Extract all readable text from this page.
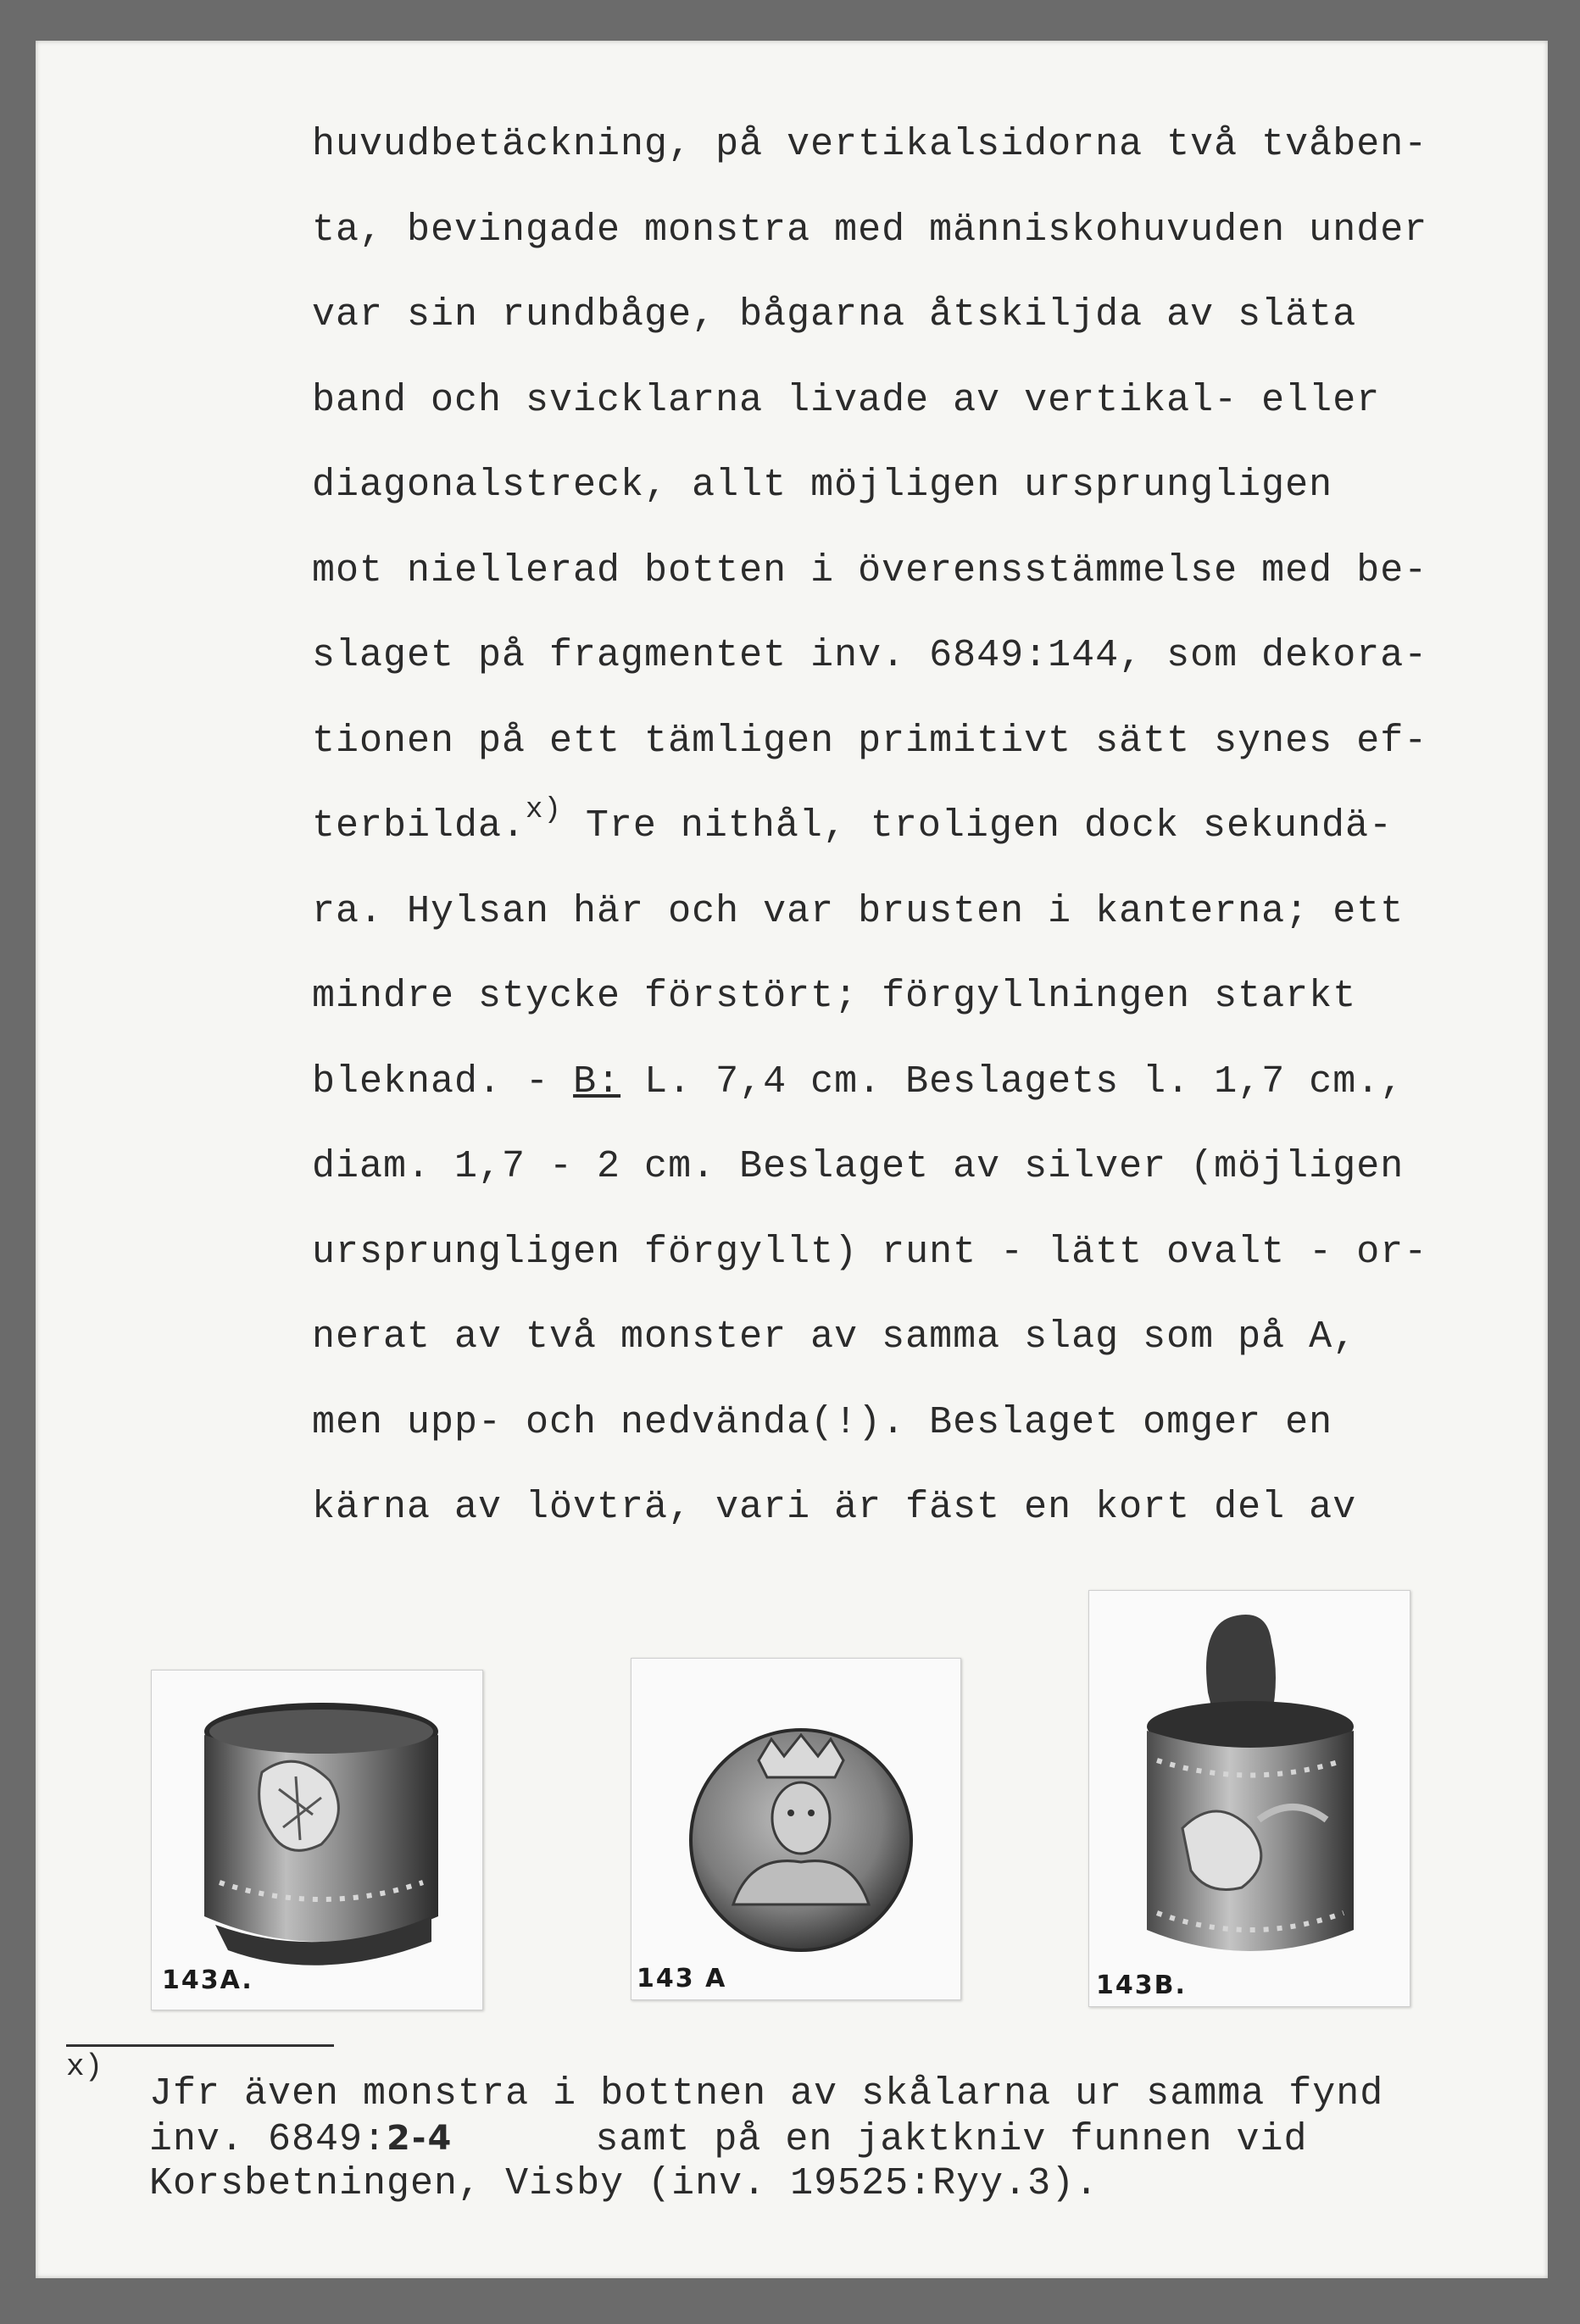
huvudbetäckning, på vertikalsidorna två tvåben-
ta, bevingade monstra med människohuvuden under
var sin rundbåge, bågarna åtskiljda av släta
band och svicklarna livade av vertikal- eller
diagonalstreck, allt möjligen ursprungligen
mot niellerad botten i överensstämmelse med be-
slaget på fragmentet inv. 6849:144, som dekora-
tionen på ett tämligen primitivt sätt synes ef-
terbilda.$^{x)}$ Tre nithål, troligen dock sekundä-
ra. Hylsan här och var brusten i kanterna; ett
mindre stycke förstört; förgyllningen starkt
bleknad. - B: L. 7,4 cm. Beslagets l. 1,7 cm.,
diam. 1,7 - 2 cm. Beslaget av silver (möjligen
ursprungligen förgyllt) runt - lätt ovalt - or-
nerat av två monster av samma slag som på A,
men upp- och nedvända(!). Beslaget omger en
kärna av lövträ, vari är fäst en kort del av
143A.	143 A	143B.
x)
Jfr även monstra i bottnen av skålarna ur samma fynd
inv. 6849:2-4      samt på en jaktkniv funnen vid
Korsbetningen, Visby (inv. 19525:Ryy.3).
